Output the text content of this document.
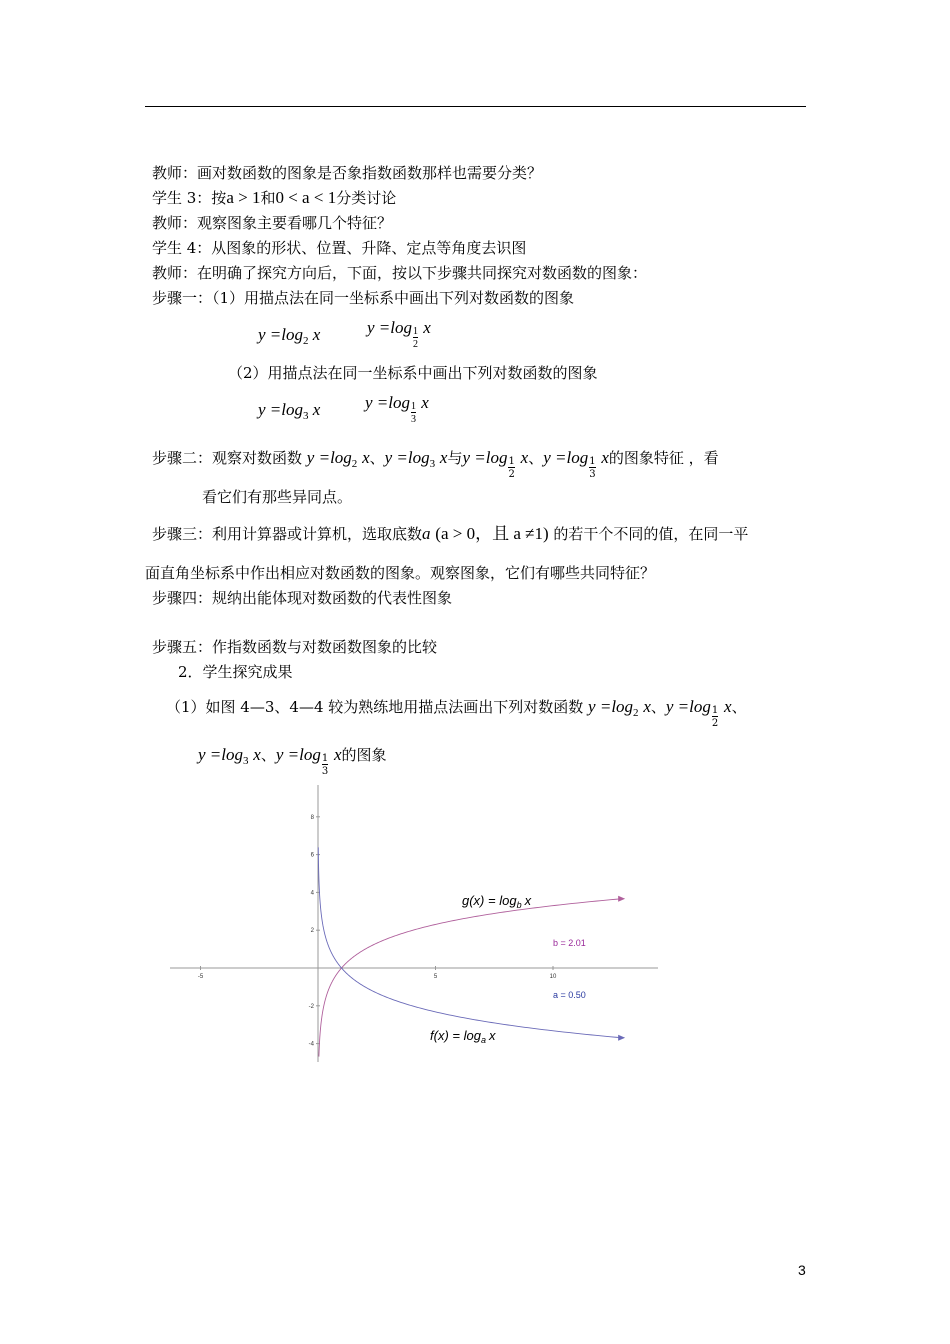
教师：画对数函数的图象是否象指数函数那样也需要分类？
学生 3：按a > 1和0 < a < 1分类讨论
教师：观察图象主要看哪几个特征？
学生 4：从图象的形状、位置、升降、定点等角度去识图
教师：在明确了探究方向后，下面，按以下步骤共同探究对数函数的图象：
步骤一：（1）用描点法在同一坐标系中画出下列对数函数的图象
$y =\log_2$ x	$y =\log \frac{1}{2}$ x
（2）用描点法在同一坐标系中画出下列对数函数的图象
$y =\log_3$ x	$y =\log \frac{1}{3}$ x
步骤二：观察对数函数 $y =\log_2$ x、$y =\log_3$ x与$y =\log \frac{1}{2}$ x、$y =\log \frac{1}{3}$ x的图象特征 ，看
看它们有那些异同点。
步骤三：利用计算器或计算机，选取底数a (a > 0，且 a ≠1) 的若干个不同的值，在同一平
面直角坐标系中作出相应对数函数的图象。观察图象，它们有哪些共同特征？
步骤四：规纳出能体现对数函数的代表性图象
步骤五：作指数函数与对数函数图象的比较
2．学生探究成果
（1）如图 4—3、4—4 较为熟练地用描点法画出下列对数函数 $y =\log_2$ x、$y =\log \frac{1}{2}$ x、
$y =\log_3$ x、$y =\log \frac{1}{3}$ x的图象
-5	5	10
8
6
4
2
-2
-4
$g(x) = \log_b x$
$f(x) = \log_a x$
b = 2.01
a = 0.50
3
